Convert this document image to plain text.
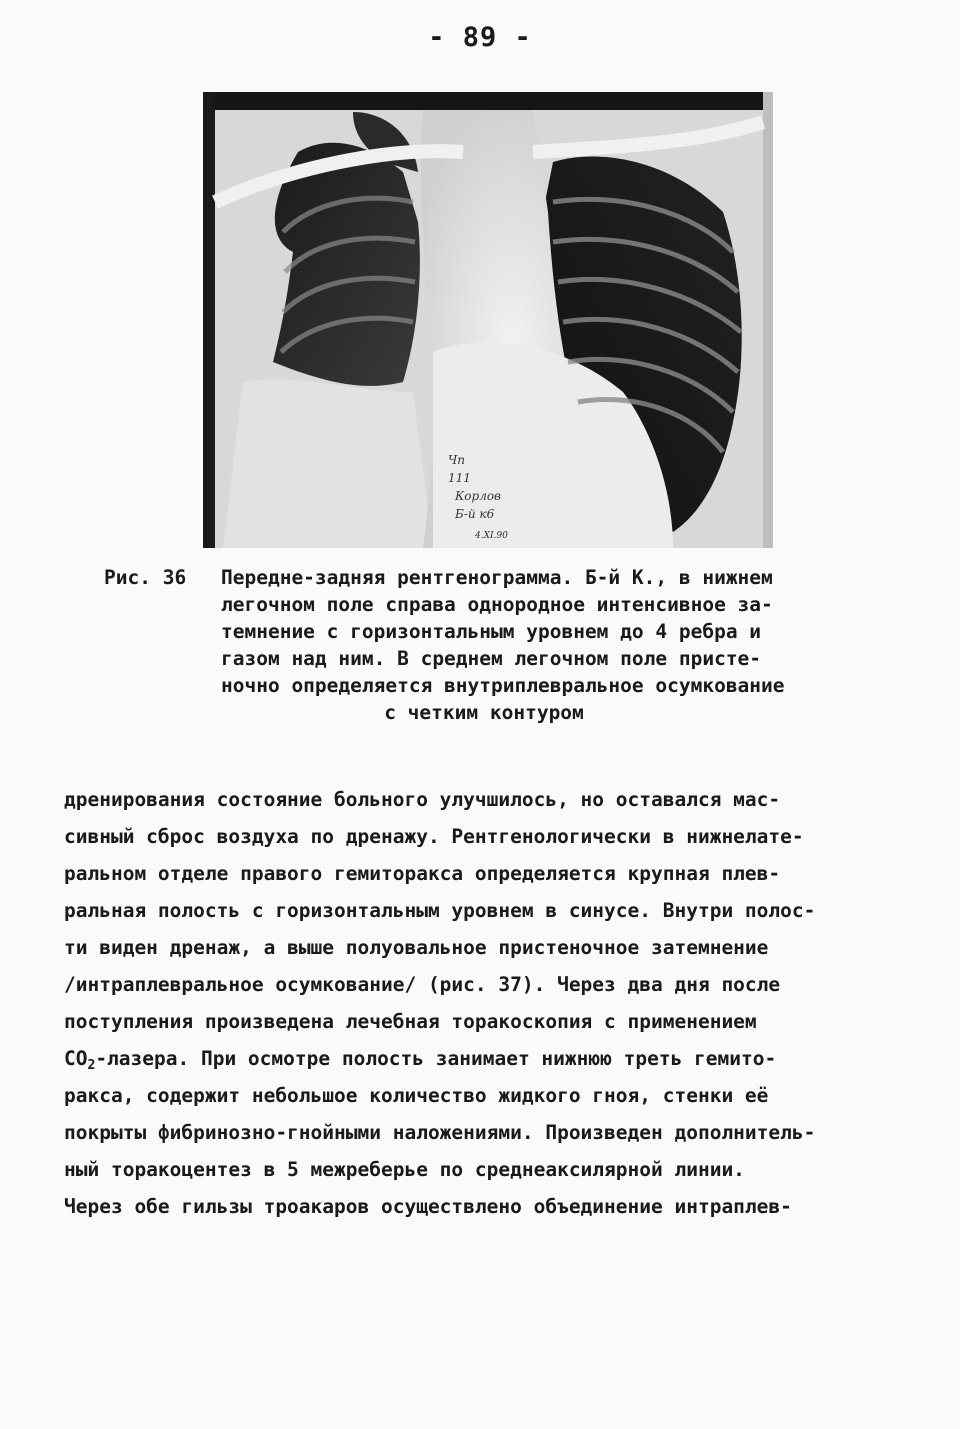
- 89 -
Чп
111
Корлов
Б-й к6
4.ХІ.90
Рис. 36 Передне-задняя рентгенограмма. Б-й К., в нижнем
легочном поле справа однородное интенсивное за-
темнение с горизонтальным уровнем до 4 ребра и
газом над ним. В среднем легочном поле присте-
ночно определяется внутриплевральное осумкование
с четким контуром
дренирования состояние больного улучшилось, но оставался мас-
сивный сброс воздуха по дренажу. Рентгенологически в нижнелате-
ральном отделе правого гемиторакса определяется крупная плев-
ральная полость с горизонтальным уровнем в синусе. Внутри полос-
ти виден дренаж, а выше полуовальное пристеночное затемнение
/интраплевральное осумкование/ (рис. 37). Через два дня после
поступления произведена лечебная торакоскопия с применением
$CO_2$-лазера. При осмотре полость занимает нижнюю треть гемито-
ракса, содержит небольшое количество жидкого гноя, стенки её
покрыты фибринозно-гнойными наложениями. Произведен дополнитель-
ный торакоцентез в 5 межреберье по среднеаксилярной линии.
Через обе гильзы троакаров осуществлено объединение интраплев-
